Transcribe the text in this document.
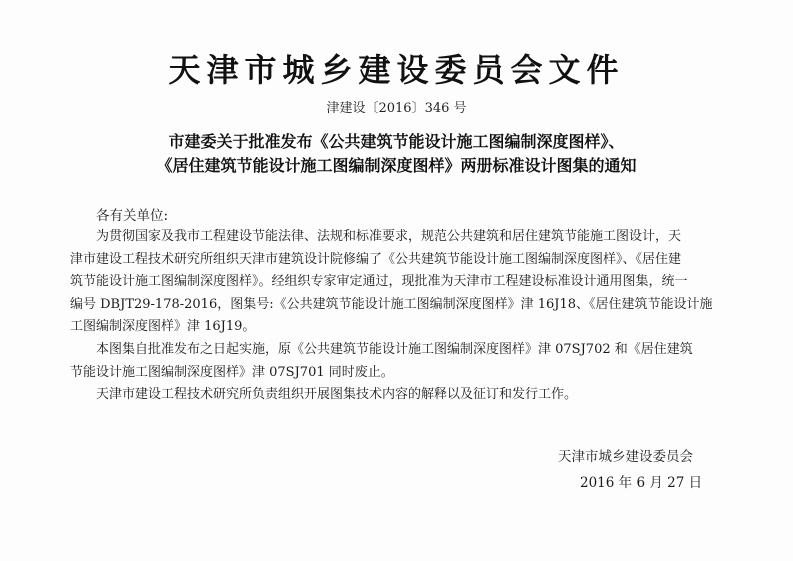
天津市城乡建设委员会文件
津建设〔2016〕346 号
市建委关于批准发布《公共建筑节能设计施工图编制深度图样》、
《居住建筑节能设计施工图编制深度图样》两册标准设计图集的通知
各有关单位:

为贯彻国家及我市工程建设节能法律、法规和标准要求，规范公共建筑和居住建筑节能施工图设计，天
津市建设工程技术研究所组织天津市建筑设计院修编了《公共建筑节能设计施工图编制深度图样》、《居住建
筑节能设计施工图编制深度图样》。经组织专家审定通过，现批准为天津市工程建设标准设计通用图集，统一
编号 DBJT29-178-2016，图集号:《公共建筑节能设计施工图编制深度图样》津 16J18、《居住建筑节能设计施
工图编制深度图样》津 16J19。

本图集自批准发布之日起实施，原《公共建筑节能设计施工图编制深度图样》津 07SJ702 和《居住建筑
节能设计施工图编制深度图样》津 07SJ701 同时废止。

天津市建设工程技术研究所负责组织开展图集技术内容的解释以及征订和发行工作。

天津市城乡建设委员会
2016 年 6 月 27 日
